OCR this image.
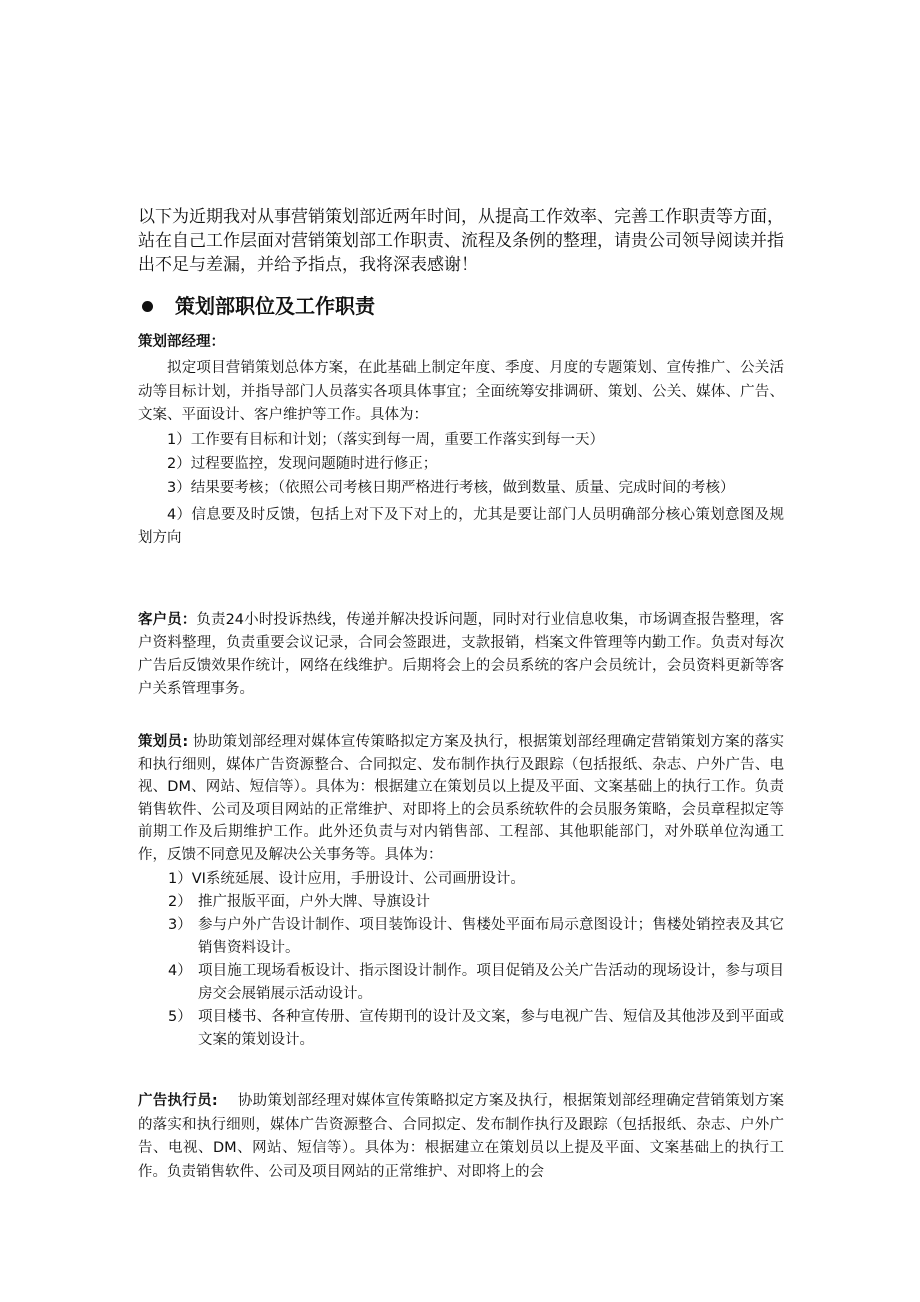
以下为近期我对从事营销策划部近两年时间，从提高工作效率、完善工作职责等方面，站在自己工作层面对营销策划部工作职责、流程及条例的整理，请贵公司领导阅读并指出不足与差漏，并给予指点，我将深表感谢！

策划部职位及工作职责

策划部经理：

拟定项目营销策划总体方案，在此基础上制定年度、季度、月度的专题策划、宣传推广、公关活动等目标计划，并指导部门人员落实各项具体事宜；全面统筹安排调研、策划、公关、媒体、广告、文案、平面设计、客户维护等工作。具体为：

1）工作要有目标和计划；（落实到每一周，重要工作落实到每一天）

2）过程要监控，发现问题随时进行修正；

3）结果要考核；（依照公司考核日期严格进行考核，做到数量、质量、完成时间的考核）

4）信息要及时反馈，包括上对下及下对上的，尤其是要让部门人员明确部分核心策划意图及规划方向

客户员：负责24小时投诉热线，传递并解决投诉问题，同时对行业信息收集，市场调查报告整理，客户资料整理，负责重要会议记录，合同会签跟进，支款报销，档案文件管理等内勤工作。负责对每次广告后反馈效果作统计，网络在线维护。后期将会上的会员系统的客户会员统计，会员资料更新等客户关系管理事务。

策划员: 协助策划部经理对媒体宣传策略拟定方案及执行，根据策划部经理确定营销策划方案的落实和执行细则，媒体广告资源整合、合同拟定、发布制作执行及跟踪（包括报纸、杂志、户外广告、电视、DM、网站、短信等）。具体为：根据建立在策划员以上提及平面、文案基础上的执行工作。负责销售软件、公司及项目网站的正常维护、对即将上的会员系统软件的会员服务策略，会员章程拟定等前期工作及后期维护工作。此外还负责与对内销售部、工程部、其他职能部门，对外联单位沟通工作，反馈不同意见及解决公关事务等。具体为：

1） VI系统延展、设计应用，手册设计、公司画册设计。
2） 推广报版平面，户外大牌、导旗设计
3） 参与户外广告设计制作、项目装饰设计、售楼处平面布局示意图设计；售楼处销控表及其它销售资料设计。
4） 项目施工现场看板设计、指示图设计制作。项目促销及公关广告活动的现场设计，参与项目房交会展销展示活动设计。
5） 项目楼书、各种宣传册、宣传期刊的设计及文案，参与电视广告、短信及其他涉及到平面或文案的策划设计。

广告执行员: 协助策划部经理对媒体宣传策略拟定方案及执行，根据策划部经理确定营销策划方案的落实和执行细则，媒体广告资源整合、合同拟定、发布制作执行及跟踪（包括报纸、杂志、户外广告、电视、DM、网站、短信等）。具体为：根据建立在策划员以上提及平面、文案基础上的执行工作。负责销售软件、公司及项目网站的正常维护、对即将上的会
